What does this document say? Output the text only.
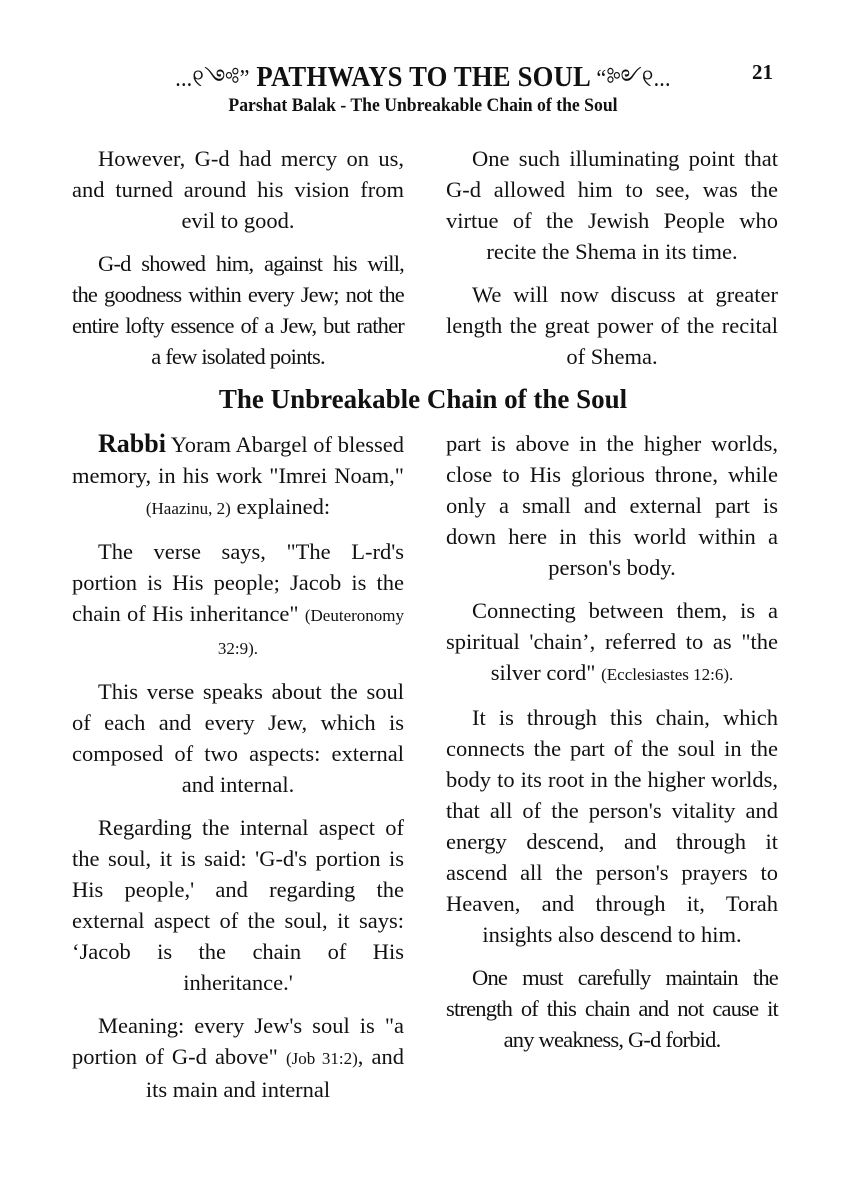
...୧༺” PATHWAYS TO THE SOUL “༻୧...	21
Parshat Balak - The Unbreakable Chain of the Soul

However, G-d had mercy on us, and turned around his vision from evil to good.

G-d showed him, against his will, the goodness within every Jew; not the entire lofty essence of a Jew, but rather a few isolated points.

One such illuminating point that G-d allowed him to see, was the virtue of the Jewish People who recite the Shema in its time.

We will now discuss at greater length the great power of the recital of Shema.

The Unbreakable Chain of the Soul

Rabbi Yoram Abargel of blessed memory, in his work "Imrei Noam," (Haazinu, 2) explained:

The verse says, "The L-rd's portion is His people; Jacob is the chain of His inheritance" (Deuteronomy 32:9).

This verse speaks about the soul of each and every Jew, which is composed of two aspects: external and internal.

Regarding the internal aspect of the soul, it is said: 'G-d's portion is His people,' and regarding the external aspect of the soul, it says: ‘Jacob is the chain of His inheritance.'

Meaning: every Jew's soul is "a portion of G-d above" (Job 31:2), and its main and internal

part is above in the higher worlds, close to His glorious throne, while only a small and external part is down here in this world within a person's body.

Connecting between them, is a spiritual 'chain’, referred to as "the silver cord" (Ecclesiastes 12:6).

It is through this chain, which connects the part of the soul in the body to its root in the higher worlds, that all of the person's vitality and energy descend, and through it ascend all the person's prayers to Heaven, and through it, Torah insights also descend to him.

One must carefully maintain the strength of this chain and not cause it any weakness, G-d forbid.
